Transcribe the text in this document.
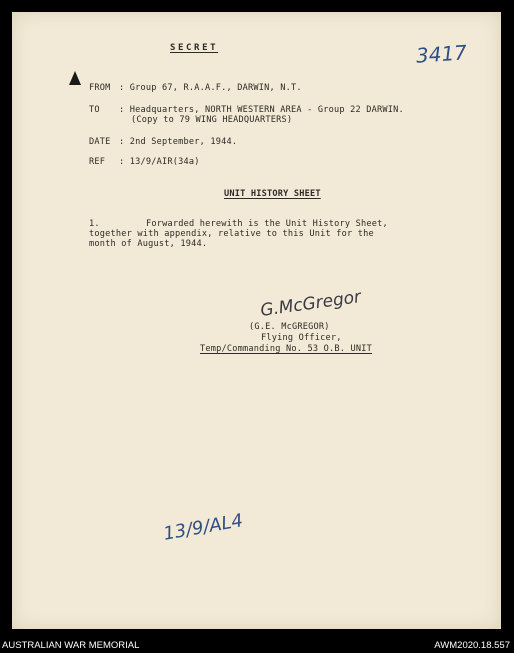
SECRET	3417
FROM : Group 67, R.A.A.F., DARWIN, N.T.
TO : Headquarters, NORTH WESTERN AREA - Group 22 DARWIN.
(Copy to 79 WING HEADQUARTERS)
DATE : 2nd September, 1944.
REF : 13/9/AIR(34a)
UNIT HISTORY SHEET
1.	Forwarded herewith is the Unit History Sheet,
together with appendix, relative to this Unit for the
month of August, 1944.
G.McGregor
(G.E. McGREGOR)
Flying Officer,
Temp/Commanding No. 53 O.B. UNIT
13/9/AL4
AUSTRALIAN WAR MEMORIAL	AWM2020.18.557
